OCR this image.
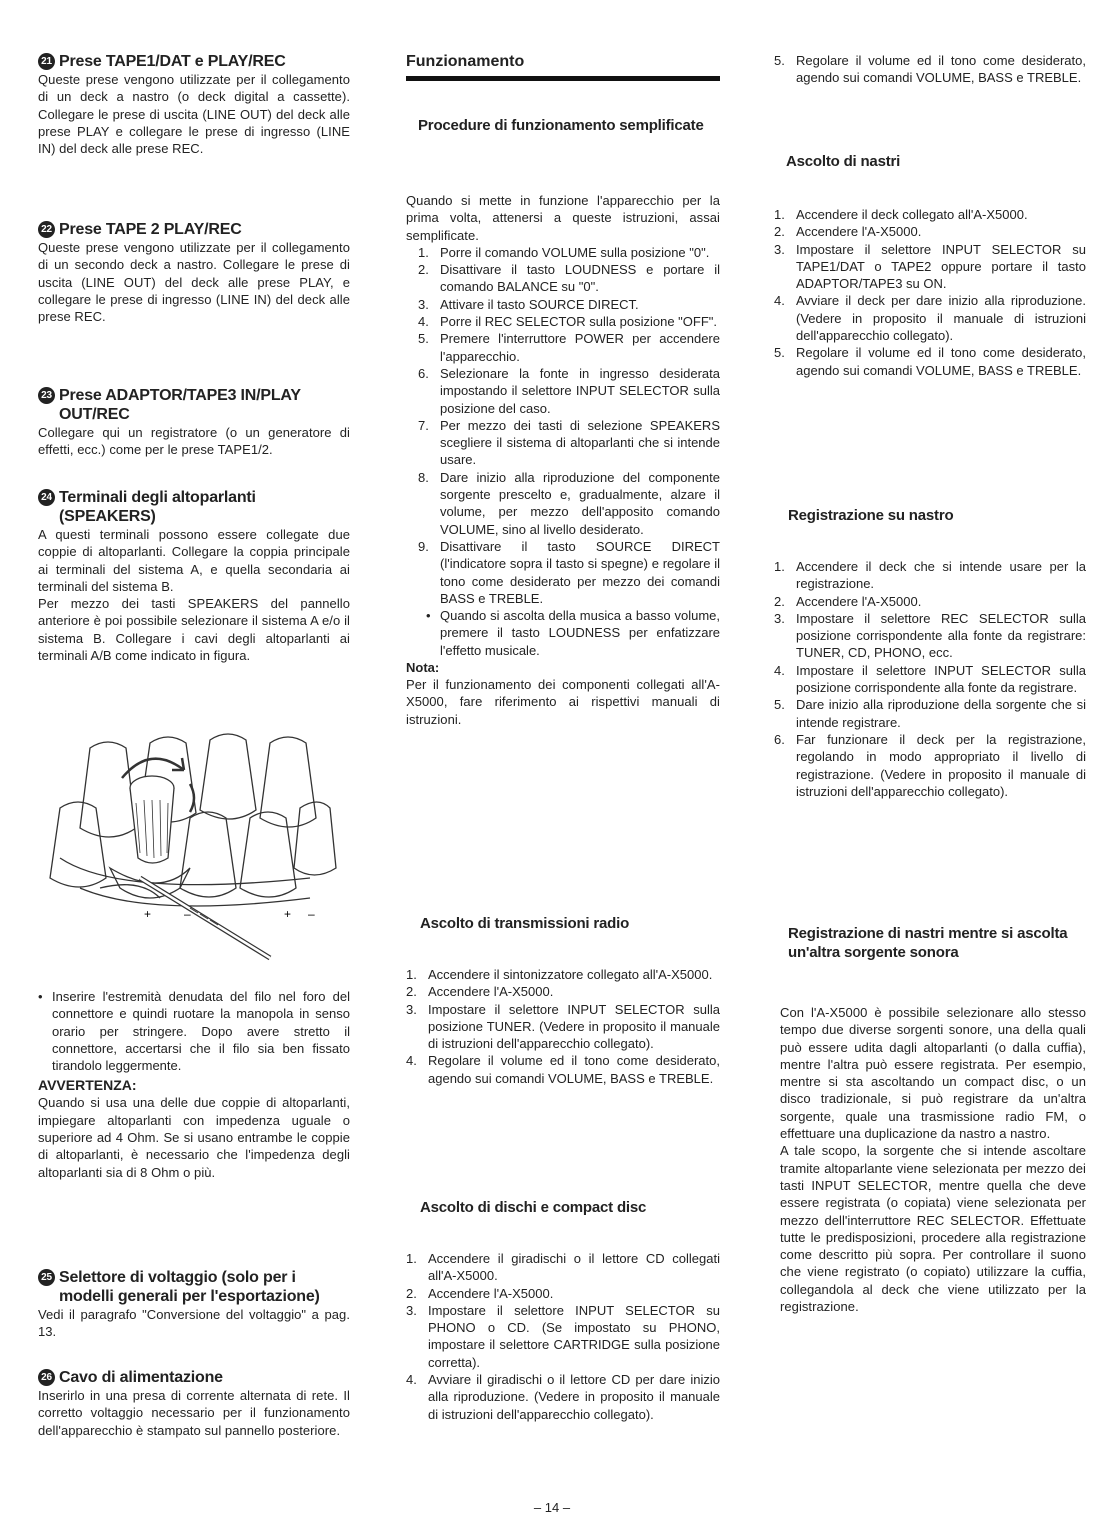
21 Prese TAPE1/DAT e PLAY/REC

Queste prese vengono utilizzate per il collegamento di un deck a nastro (o deck digital a cassette). Collegare le prese di uscita (LINE OUT) del deck alle prese PLAY e collegare le prese di ingresso (LINE IN) del deck alle prese REC.

22 Prese TAPE 2 PLAY/REC

Queste prese vengono utilizzate per il collegamento di un secondo deck a nastro. Collegare le prese di uscita (LINE OUT) del deck alle prese PLAY, e collegare le prese di ingresso (LINE IN) del deck alle prese REC.

23 Prese ADAPTOR/TAPE3 IN/PLAY OUT/REC

Collegare qui un registratore (o un generatore di effetti, ecc.) come per le prese TAPE1/2.

24 Terminali degli altoparlanti (SPEAKERS)

A questi terminali possono essere collegate due coppie di altoparlanti. Collegare la coppia principale ai terminali del sistema A, e quella secondaria ai terminali del sistema B.

Per mezzo dei tasti SPEAKERS del pannello anteriore è poi possibile selezionare il sistema A e/o il sistema B. Collegare i cavi degli altoparlanti ai terminali A/B come indicato in figura.

+	–	+ –
• Inserire l'estremità denudata del filo nel foro del connettore e quindi ruotare la manopola in senso orario per stringere. Dopo avere stretto il connettore, accertarsi che il filo sia ben fissato tirandolo leggermente.
AVVERTENZA:

Quando si usa una delle due coppie di altoparlanti, impiegare altoparlanti con impedenza uguale o superiore ad 4 Ohm. Se si usano entrambe le coppie di altoparlanti, è necessario che l'impedenza degli altoparlanti sia di 8 Ohm o più.

25 Selettore di voltaggio (solo per i modelli generali per l'esportazione)

Vedi il paragrafo "Conversione del voltaggio" a pag. 13.

26 Cavo di alimentazione

Inserirlo in una presa di corrente alternata di rete. Il corretto voltaggio necessario per il funzionamento dell'apparecchio è stampato sul pannello posteriore.

Funzionamento
Procedure di funzionamento semplificate

Quando si mette in funzione l'apparecchio per la prima volta, attenersi a queste istruzioni, assai semplificate.

1. Porre il comando VOLUME sulla posizione "0".
2. Disattivare il tasto LOUDNESS e portare il comando BALANCE su "0".
3. Attivare il tasto SOURCE DIRECT.
4. Porre il REC SELECTOR sulla posizione "OFF".
5. Premere l'interruttore POWER per accendere l'apparecchio.
6. Selezionare la fonte in ingresso desiderata impostando il selettore INPUT SELECTOR sulla posizione del caso.
7. Per mezzo dei tasti di selezione SPEAKERS scegliere il sistema di altoparlanti che si intende usare.
8. Dare inizio alla riproduzione del componente sorgente prescelto e, gradualmente, alzare il volume, per mezzo dell'apposito comando VOLUME, sino al livello desiderato.
9. Disattivare il tasto SOURCE DIRECT (l'indicatore sopra il tasto si spegne) e regolare il tono come desiderato per mezzo dei comandi BASS e TREBLE.
• Quando si ascolta della musica a basso volume, premere il tasto LOUDNESS per enfatizzare l'effetto musicale.
Nota:

Per il funzionamento dei componenti collegati all'A-X5000, fare riferimento ai rispettivi manuali di istruzioni.

Ascolto di transmissioni radio
1. Accendere il sintonizzatore collegato all'A-X5000.
2. Accendere l'A-X5000.
3. Impostare il selettore INPUT SELECTOR sulla posizione TUNER. (Vedere in proposito il manuale di istruzioni dell'apparecchio collegato).
4. Regolare il volume ed il tono come desiderato, agendo sui comandi VOLUME, BASS e TREBLE.
Ascolto di dischi e compact disc
1. Accendere il giradischi o il lettore CD collegati all'A-X5000.
2. Accendere l'A-X5000.
3. Impostare il selettore INPUT SELECTOR su PHONO o CD. (Se impostato su PHONO, impostare il selettore CARTRIDGE sulla posizione corretta).
4. Avviare il giradischi o il lettore CD per dare inizio alla riproduzione. (Vedere in proposito il manuale di istruzioni dell'apparecchio collegato).
5. Regolare il volume ed il tono come desiderato, agendo sui comandi VOLUME, BASS e TREBLE.
Ascolto di nastri
1. Accendere il deck collegato all'A-X5000.
2. Accendere l'A-X5000.
3. Impostare il selettore INPUT SELECTOR su TAPE1/DAT o TAPE2 oppure portare il tasto ADAPTOR/TAPE3 su ON.
4. Avviare il deck per dare inizio alla riproduzione. (Vedere in proposito il manuale di istruzioni dell'apparecchio collegato).
5. Regolare il volume ed il tono come desiderato, agendo sui comandi VOLUME, BASS e TREBLE.
Registrazione su nastro
1. Accendere il deck che si intende usare per la registrazione.
2. Accendere l'A-X5000.
3. Impostare il selettore REC SELECTOR sulla posizione corrispondente alla fonte da registrare: TUNER, CD, PHONO, ecc.
4. Impostare il selettore INPUT SELECTOR sulla posizione corrispondente alla fonte da registrare.
5. Dare inizio alla riproduzione della sorgente che si intende registrare.
6. Far funzionare il deck per la registrazione, regolando in modo appropriato il livello di registrazione. (Vedere in proposito il manuale di istruzioni dell'apparecchio collegato).
Registrazione di nastri mentre si ascolta un'altra sorgente sonora

Con l'A-X5000 è possibile selezionare allo stesso tempo due diverse sorgenti sonore, una della quali può essere udita dagli altoparlanti (o dalla cuffia), mentre l'altra può essere registrata. Per esempio, mentre si sta ascoltando un compact disc, o un disco tradizionale, si può registrare da un'altra sorgente, quale una trasmissione radio FM, o effettuare una duplicazione da nastro a nastro.

A tale scopo, la sorgente che si intende ascoltare tramite altoparlante viene selezionata per mezzo dei tasti INPUT SELECTOR, mentre quella che deve essere registrata (o copiata) viene selezionata per mezzo dell'interruttore REC SELECTOR. Effettuate tutte le predisposizioni, procedere alla registrazione come descritto più sopra. Per controllare il suono che viene registrato (o copiato) utilizzare la cuffia, collegandola al deck che viene utilizzato per la registrazione.

– 14 –
